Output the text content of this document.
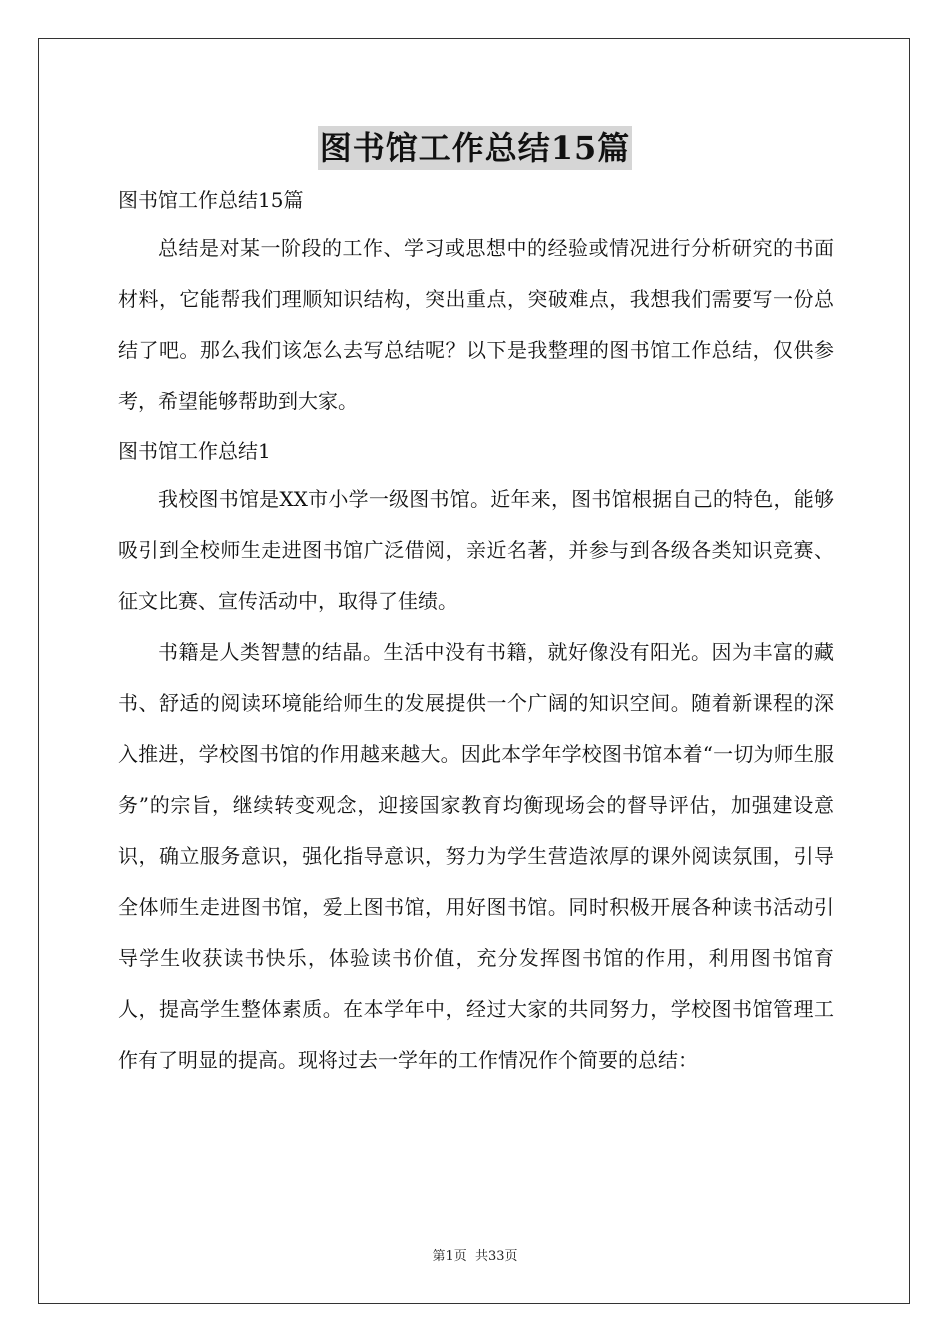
图书馆工作总结15篇

图书馆工作总结15篇

总结是对某一阶段的工作、学习或思想中的经验或情况进行分析研究的书面材料，它能帮我们理顺知识结构，突出重点，突破难点，我想我们需要写一份总结了吧。那么我们该怎么去写总结呢？以下是我整理的图书馆工作总结，仅供参考，希望能够帮助到大家。

图书馆工作总结1

我校图书馆是XX市小学一级图书馆。近年来，图书馆根据自己的特色，能够吸引到全校师生走进图书馆广泛借阅，亲近名著，并参与到各级各类知识竞赛、征文比赛、宣传活动中，取得了佳绩。

书籍是人类智慧的结晶。生活中没有书籍，就好像没有阳光。因为丰富的藏书、舒适的阅读环境能给师生的发展提供一个广阔的知识空间。随着新课程的深入推进，学校图书馆的作用越来越大。因此本学年学校图书馆本着“一切为师生服务”的宗旨，继续转变观念，迎接国家教育均衡现场会的督导评估，加强建设意识，确立服务意识，强化指导意识，努力为学生营造浓厚的课外阅读氛围，引导全体师生走进图书馆，爱上图书馆，用好图书馆。同时积极开展各种读书活动引导学生收获读书快乐，体验读书价值，充分发挥图书馆的作用，利用图书馆育人，提高学生整体素质。在本学年中，经过大家的共同努力，学校图书馆管理工作有了明显的提高。现将过去一学年的工作情况作个简要的总结：

第1页 共33页
